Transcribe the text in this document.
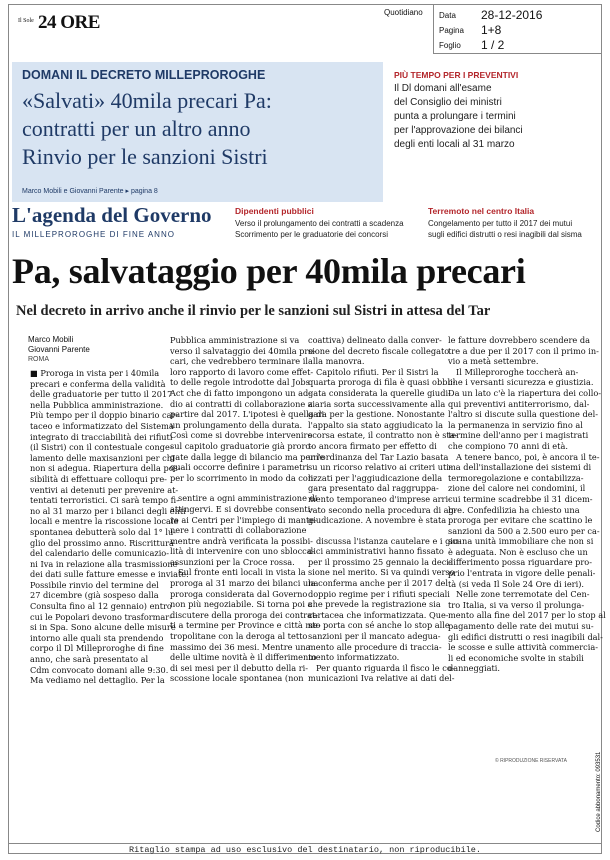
Il Sole 24 ORE	Quotidiano Data 28-12-2016
Pagina 1+8
Foglio 1 / 2
DOMANI IL DECRETO MILLEPROROGHE
«Salvati» 40mila precari Pa:
contratti per un altro anno
Rinvio per le sanzioni Sistri
Marco Mobili e Giovanni Parente ▸ pagina 8
PIÙ TEMPO PER I PREVENTIVI
Il Dl domani all'esame
del Consiglio dei ministri
punta a prolungare i termini
per l'approvazione dei bilanci
degli enti locali al 31 marzo
L'agenda del Governo
IL MILLEPROROGHE DI FINE ANNO
Dipendenti pubblici
Verso il prolungamento dei contratti a scadenza
Scorrimento per le graduatorie dei concorsi
Terremoto nel centro Italia
Congelamento per tutto il 2017 dei mutui
sugli edifici distrutti o resi inagibili dal sisma
Pa, salvataggio per 40mila precari
Nel decreto in arrivo anche il rinvio per le sanzioni sul Sistri in attesa del Tar
Marco Mobili
Giovanni Parente
ROMA
■ Proroga in vista per i 40mila
precari e conferma della validità
delle graduatorie per tutto il 2017
nella Pubblica amministrazione.
Più tempo per il doppio binario car-
taceo e informatizzato del Sistema
integrato di tracciabilità dei rifiuti
(il Sistri) con il contestuale conge-
lamento delle maxisanzioni per chi
non si adegua. Riapertura della pos-
sibilità di effettuare colloqui pre-
ventivi ai detenuti per prevenire at-
tentati terroristici. Ci sarà tempo fi-
no al 31 marzo per i bilanci degli enti
locali e mentre la riscossione locale
spontanea debutterà solo dal 1° lu-
glio del prossimo anno. Riscrittura
del calendario delle comunicazio-
ni Iva in relazione alla trasmissione
dei dati sulle fatture emesse e inviate.
Possibile rinvio del termine del
27 dicembre (già sospeso dalla
Consulta fino al 12 gennaio) entro
cui le Popolari devono trasformar-
si in Spa. Sono alcune delle misure
intorno alle quali sta prendendo
corpo il Dl Milleproroghe di fine
anno, che sarà presentato al
Cdm convocato domani alle 9:30.
Ma vediamo nel dettaglio. Per la
Pubblica amministrazione si va
verso il salvataggio dei 40mila pre-
cari, che vedrebbero terminare il
loro rapporto di lavoro come effet-
to delle regole introdotte dal Jobs
Act che di fatto impongono un ad-
dio ai contratti di collaborazione a
partire dal 2017. L'ipotesi è quella di
un prolungamento della durata.
Così come si dovrebbe intervenire
sul capitolo graduatorie già proro-
gate dalla legge di bilancio ma per le
quali occorre definire i parametri
per lo scorrimento in modo da con-
sentire a ogni amministrazione di
attingervi. E si dovrebbe consenti-
re ai Centri per l'impiego di mante-
nere i contratti di collaborazione
mentre andrà verificata la possibi-
lità di intervenire con uno sblocca-
assunzioni per la Croce rossa.
Sul fronte enti locali in vista la
proroga al 31 marzo dei bilanci una
proroga considerata dal Governo
non più negoziabile. Si torna poi a
discutere della proroga dei contrat-
ti a termine per Province e città me-
tropolitane con la deroga al tetto
massimo dei 36 mesi. Mentre una
delle ultime novità è il differimento
di sei mesi per il debutto della ri-
scossione locale spontanea (non
coattiva) delineato dalla conver-
sione del decreto fiscale collegato
alla manovra.
Capitolo rifiuti. Per il Sistri la
quarta proroga di fila è quasi obbli-
gata considerata la querelle giudi-
ziaria sorta successivamente alla
gara per la gestione. Nonostante
l'appalto sia stato aggiudicato la
scorsa estate, il contratto non è sta-
to ancora firmato per effetto di
un'ordinanza del Tar Lazio basata
su un ricorso relativo ai criteri uti-
lizzati per l'aggiudicazione della
gara presentato dal raggruppa-
mento temporaneo d'imprese arri-
vato secondo nella procedura di ag-
giudicazione. A novembre è stata
discussa l'istanza cautelare e i giu-
dici amministrativi hanno fissato
per il prossimo 25 gennaio la deci-
sione nel merito. Si va quindi verso
la conferma anche per il 2017 del
doppio regime per i rifiuti speciali
che prevede la registrazione sia
cartacea che informatizzata. Que-
sto porta con sé anche lo stop alle
sanzioni per il mancato adegua-
mento alle procedure di traccia-
mento informatizzato.
Per quanto riguarda il fisco le co-
municazioni Iva relative ai dati del-
le fatture dovrebbero scendere da
tre a due per il 2017 con il primo in-
vio a metà settembre.
Il Milleproroghe toccherà an-
che i versanti sicurezza e giustizia.
Da un lato c'è la riapertura dei collo-
qui preventivi antiterrorismo, dal-
l'altro si discute sulla questione del-
la permanenza in servizio fino al
termine dell'anno per i magistrati
che compiono 70 anni di età.
A tenere banco, poi, è ancora il te-
ma dell'installazione dei sistemi di
termoregolazione e contabilizza-
zione del calore nei condomini, il
cui termine scadrebbe il 31 dicem-
bre. Confedilizia ha chiesto una
proroga per evitare che scattino le
sanzioni da 500 a 2.500 euro per ca-
scuna unità immobiliare che non si
è adeguata. Non è escluso che un
differimento possa riguardare pro-
prio l'entrata in vigore delle penali-
tà (si veda Il Sole 24 Ore di ieri).
Nelle zone terremotate del Cen-
tro Italia, si va verso il prolunga-
mento alla fine del 2017 per lo stop al
pagamento delle rate dei mutui su-
gli edifici distrutti o resi inagibili dal-
le scosse e sulle attività commercia-
li ed economiche svolte in stabili
danneggiati.
© RIPRODUZIONE RISERVATA	Codice abbonamento: 093531
Ritaglio stampa ad uso esclusivo del destinatario, non riproducibile.
